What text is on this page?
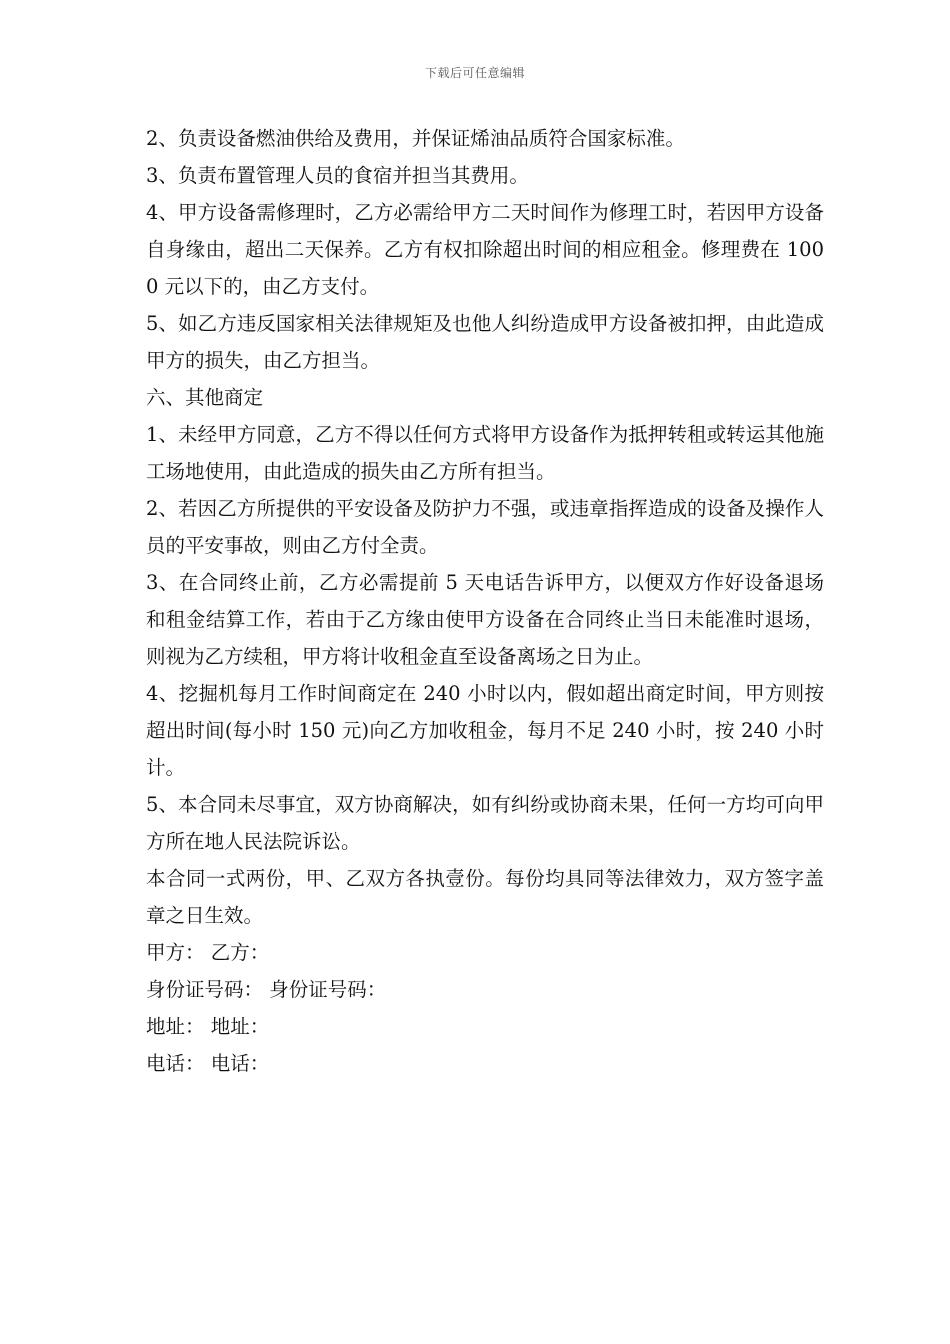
下载后可任意编辑

2、负责设备燃油供给及费用，并保证烯油品质符合国家标准。

3、负责布置管理人员的食宿并担当其费用。

4、甲方设备需修理时，乙方必需给甲方二天时间作为修理工时，若因甲方设备自身缘由，超出二天保养。乙方有权扣除超出时间的相应租金。修理费在 1000 元以下的，由乙方支付。

5、如乙方违反国家相关法律规矩及也他人纠纷造成甲方设备被扣押，由此造成甲方的损失，由乙方担当。

六、其他商定

1、未经甲方同意，乙方不得以任何方式将甲方设备作为抵押转租或转运其他施工场地使用，由此造成的损失由乙方所有担当。

2、若因乙方所提供的平安设备及防护力不强，或违章指挥造成的设备及操作人员的平安事故，则由乙方付全责。

3、在合同终止前，乙方必需提前 5 天电话告诉甲方，以便双方作好设备退场和租金结算工作，若由于乙方缘由使甲方设备在合同终止当日未能准时退场，则视为乙方续租，甲方将计收租金直至设备离场之日为止。

4、挖掘机每月工作时间商定在 240 小时以内，假如超出商定时间，甲方则按超出时间(每小时 150 元)向乙方加收租金，每月不足 240 小时，按 240 小时计。

5、本合同未尽事宜，双方协商解决，如有纠纷或协商未果，任何一方均可向甲方所在地人民法院诉讼。

本合同一式两份，甲、乙双方各执壹份。每份均具同等法律效力，双方签字盖章之日生效。

甲方： 乙方：

身份证号码： 身份证号码：

地址： 地址：

电话： 电话：
